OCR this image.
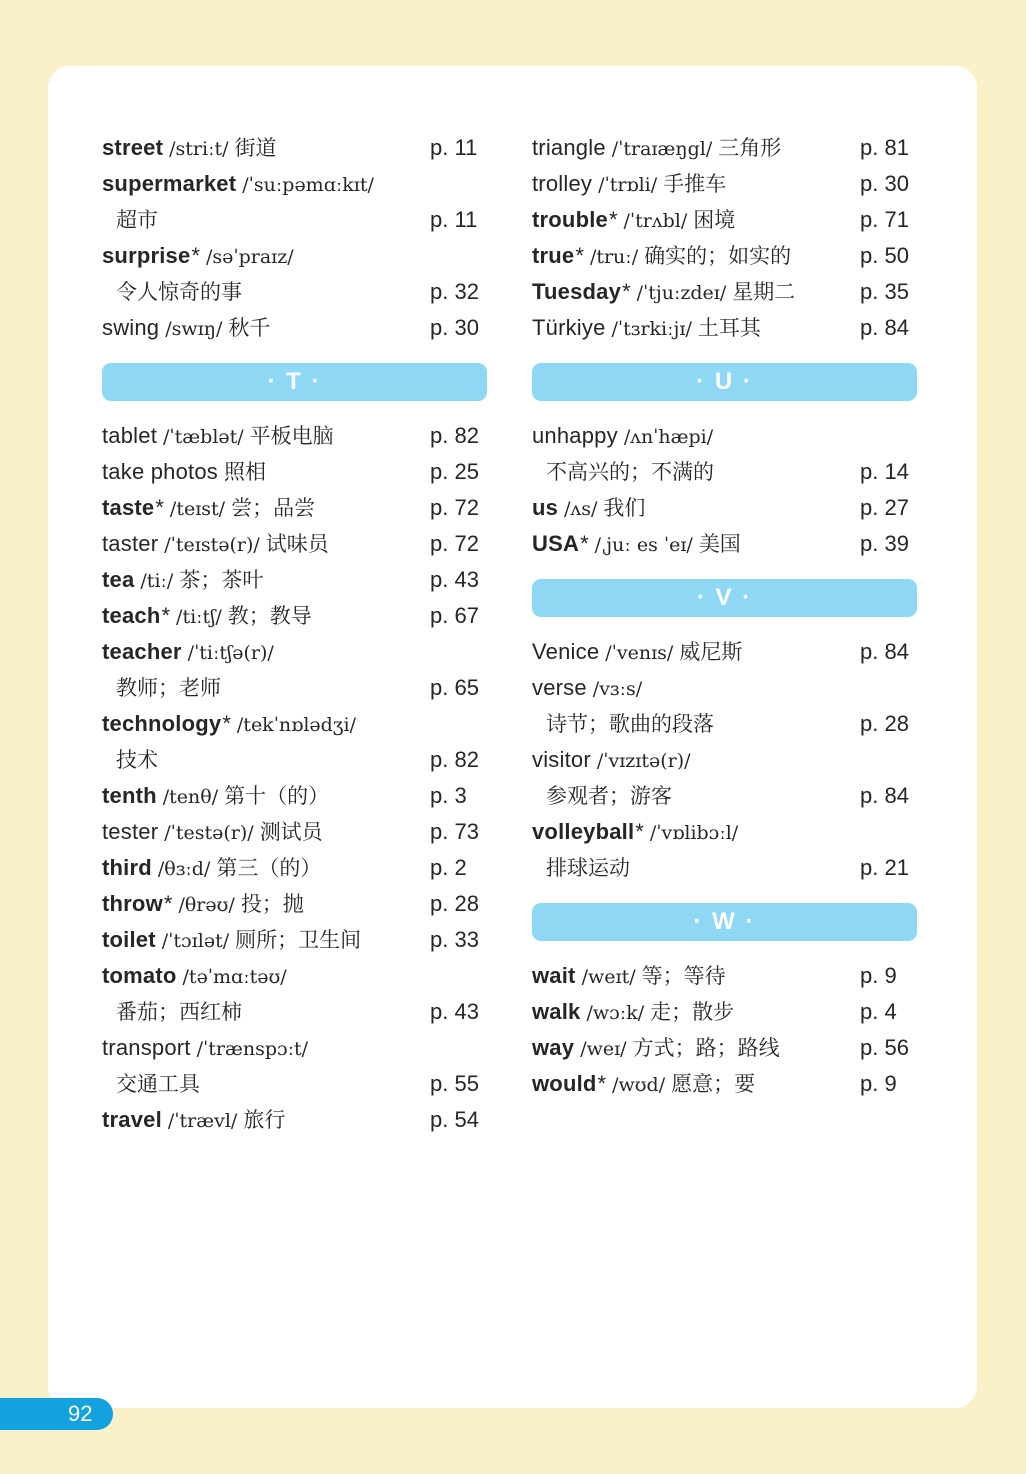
street /striːt/ 街道	p. 11
supermarket /ˈsuːpəmɑːkɪt/
超市	p. 11
surprise* /səˈpraɪz/
令人惊奇的事	p. 32
swing /swɪŋ/ 秋千	p. 30
· T ·
tablet /ˈtæblət/ 平板电脑	p. 82
take photos 照相	p. 25
taste* /teɪst/ 尝；品尝	p. 72
taster /ˈteɪstə(r)/ 试味员	p. 72
tea /tiː/ 茶；茶叶	p. 43
teach* /tiːtʃ/ 教；教导	p. 67
teacher /ˈtiːtʃə(r)/
教师；老师	p. 65
technology* /tekˈnɒlədʒi/
技术	p. 82
tenth /tenθ/ 第十（的）	p. 3
tester /ˈtestə(r)/ 测试员	p. 73
third /θɜːd/ 第三（的）	p. 2
throw* /θrəʊ/ 投；抛	p. 28
toilet /ˈtɔɪlət/ 厕所；卫生间	p. 33
tomato /təˈmɑːtəʊ/
番茄；西红柿	p. 43
transport /ˈtrænspɔːt/
交通工具	p. 55
travel /ˈtrævl/ 旅行	p. 54
triangle /ˈtraɪæŋgl/ 三角形	p. 81
trolley /ˈtrɒli/ 手推车	p. 30
trouble* /ˈtrʌbl/ 困境	p. 71
true* /truː/ 确实的；如实的	p. 50
Tuesday* /ˈtjuːzdeɪ/ 星期二	p. 35
Türkiye /ˈtɜrkiːjɪ/ 土耳其	p. 84
· U ·
unhappy /ʌnˈhæpi/
不高兴的；不满的	p. 14
us /ʌs/ 我们	p. 27
USA* /ˌjuː es ˈeɪ/ 美国	p. 39
· V ·
Venice /ˈvenɪs/ 威尼斯	p. 84
verse /vɜːs/
诗节；歌曲的段落	p. 28
visitor /ˈvɪzɪtə(r)/
参观者；游客	p. 84
volleyball* /ˈvɒlibɔːl/
排球运动	p. 21
· W ·
wait /weɪt/ 等；等待	p. 9
walk /wɔːk/ 走；散步	p. 4
way /weɪ/ 方式；路；路线	p. 56
would* /wʊd/ 愿意；要	p. 9
92
